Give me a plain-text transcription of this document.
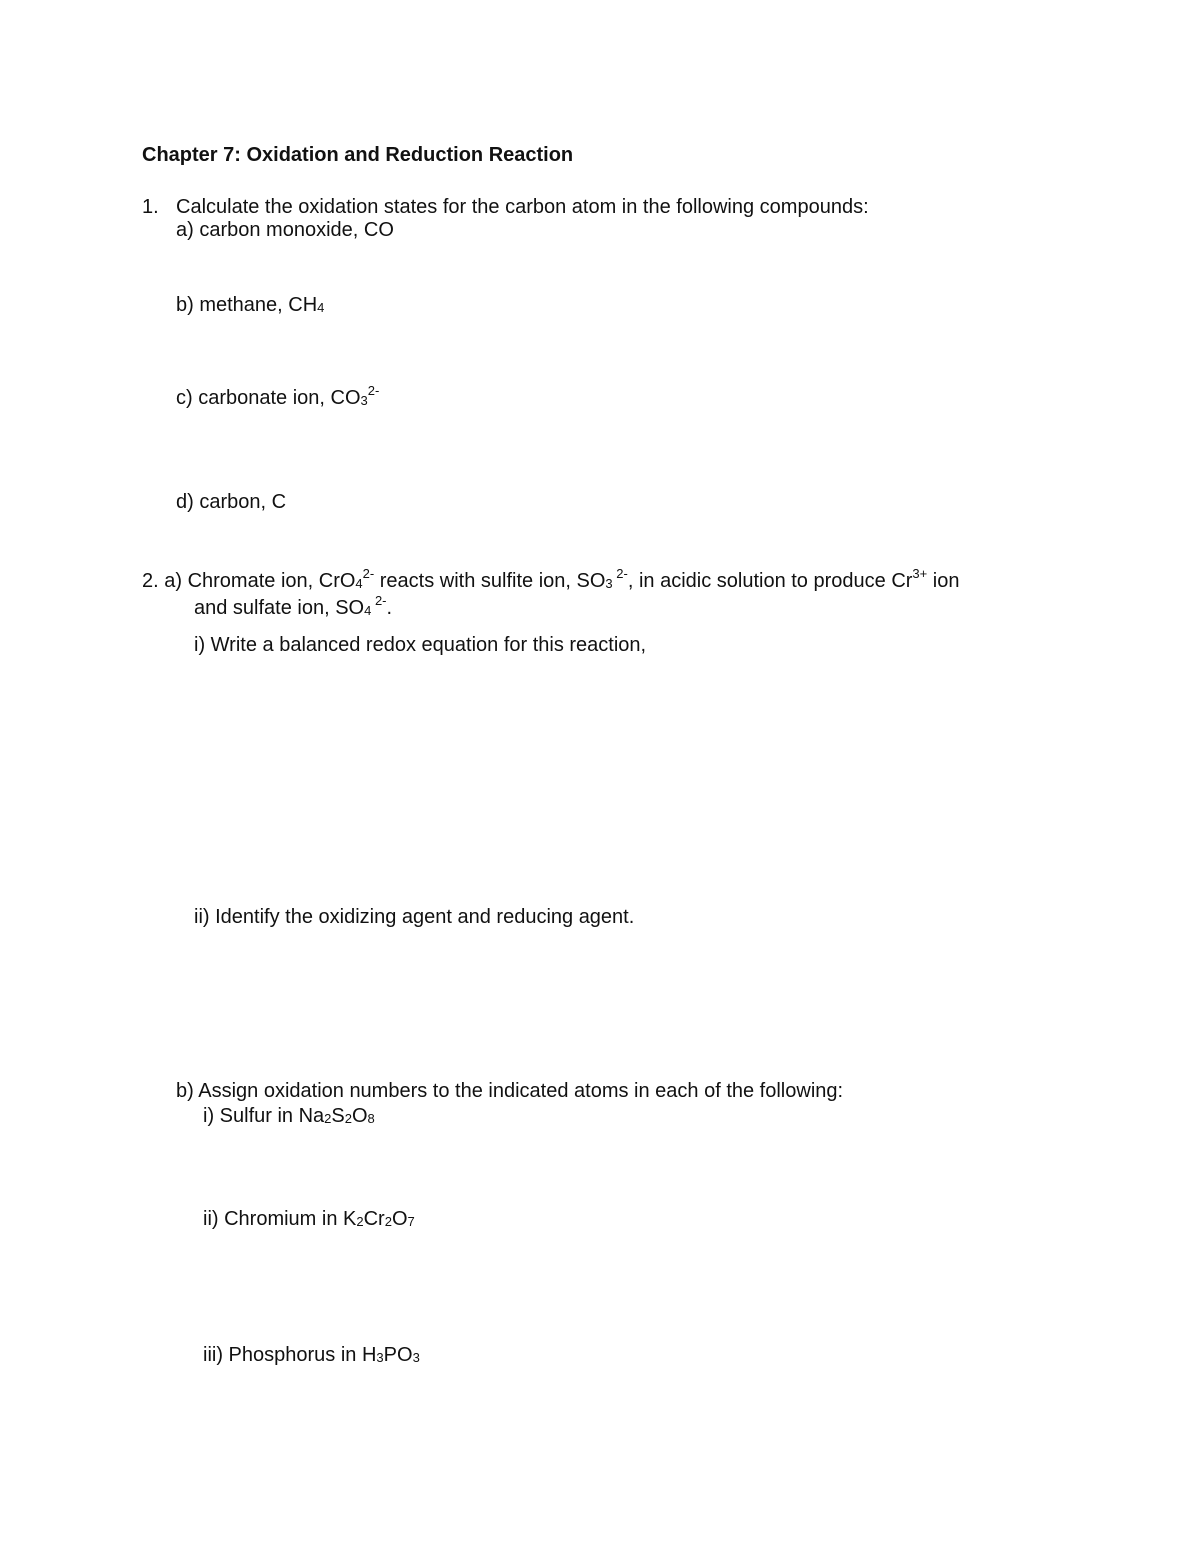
Chapter 7: Oxidation and Reduction Reaction
1. Calculate the oxidation states for the carbon atom in the following compounds:
a) carbon monoxide, CO
b) methane, CH4
c) carbonate ion, $CO3^{2-}$
d) carbon, C
2. a) Chromate ion, $CrO4^{2-}$ reacts with sulfite ion, SO3 $^{2-}$, in acidic solution to produce $Cr^{3+}$ ion
and sulfate ion, SO4 $^{2-}$.
i) Write a balanced redox equation for this reaction,
ii) Identify the oxidizing agent and reducing agent.
b) Assign oxidation numbers to the indicated atoms in each of the following:
i) Sulfur in Na2S2O8
ii) Chromium in K2Cr2O7
iii) Phosphorus in H3PO3
